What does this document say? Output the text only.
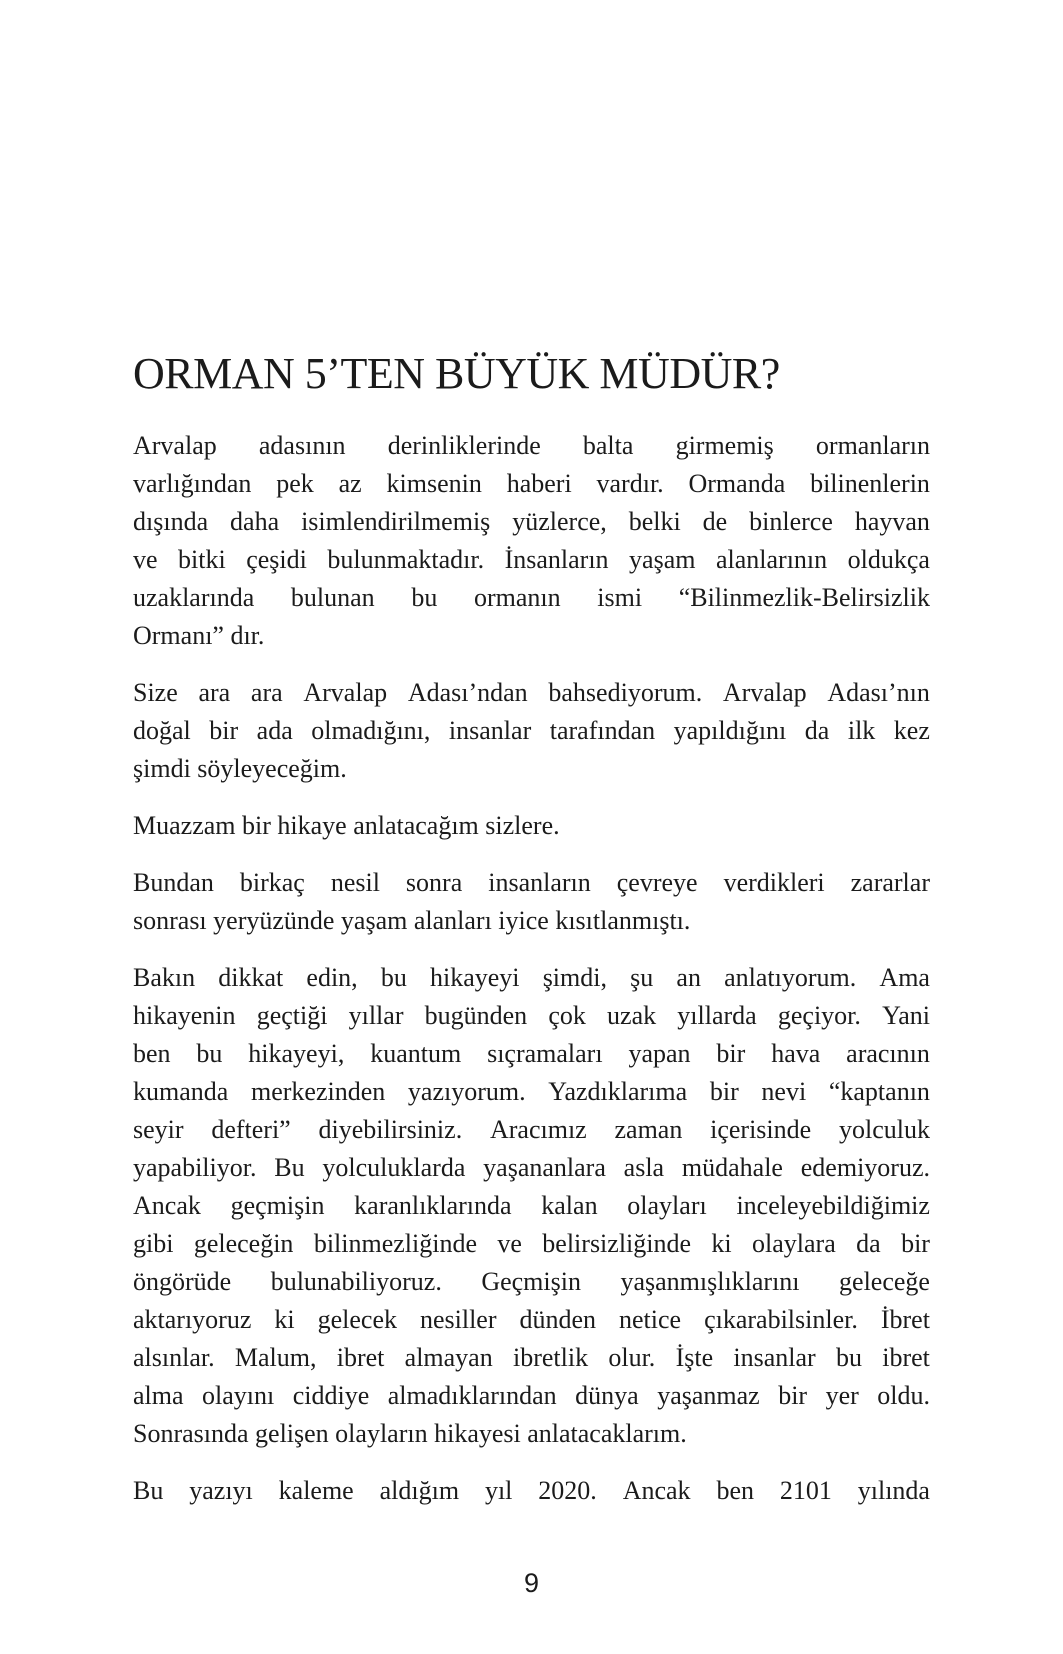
ORMAN 5’TEN BÜYÜK MÜDÜR?
Arvalap adasının derinliklerinde balta girmemiş ormanların
varlığından pek az kimsenin haberi vardır. Ormanda bilinenlerin
dışında daha isimlendirilmemiş yüzlerce, belki de binlerce hayvan
ve bitki çeşidi bulunmaktadır. İnsanların yaşam alanlarının oldukça
uzaklarında bulunan bu ormanın ismi “Bilinmezlik-Belirsizlik
Ormanı” dır.
Size ara ara Arvalap Adası’ndan bahsediyorum. Arvalap Adası’nın
doğal bir ada olmadığını, insanlar tarafından yapıldığını da ilk kez
şimdi söyleyeceğim.
Muazzam bir hikaye anlatacağım sizlere.
Bundan birkaç nesil sonra insanların çevreye verdikleri zararlar
sonrası yeryüzünde yaşam alanları iyice kısıtlanmıştı.
Bakın dikkat edin, bu hikayeyi şimdi, şu an anlatıyorum. Ama
hikayenin geçtiği yıllar bugünden çok uzak yıllarda geçiyor. Yani
ben bu hikayeyi, kuantum sıçramaları yapan bir hava aracının
kumanda merkezinden yazıyorum. Yazdıklarıma bir nevi “kaptanın
seyir defteri” diyebilirsiniz. Aracımız zaman içerisinde yolculuk
yapabiliyor. Bu yolculuklarda yaşananlara asla müdahale edemiyoruz.
Ancak geçmişin karanlıklarında kalan olayları inceleyebildiğimiz
gibi geleceğin bilinmezliğinde ve belirsizliğinde ki olaylara da bir
öngörüde bulunabiliyoruz. Geçmişin yaşanmışlıklarını geleceğe
aktarıyoruz ki gelecek nesiller dünden netice çıkarabilsinler. İbret
alsınlar. Malum, ibret almayan ibretlik olur. İşte insanlar bu ibret
alma olayını ciddiye almadıklarından dünya yaşanmaz bir yer oldu.
Sonrasında gelişen olayların hikayesi anlatacaklarım.
Bu yazıyı kaleme aldığım yıl 2020. Ancak ben 2101 yılında
9
